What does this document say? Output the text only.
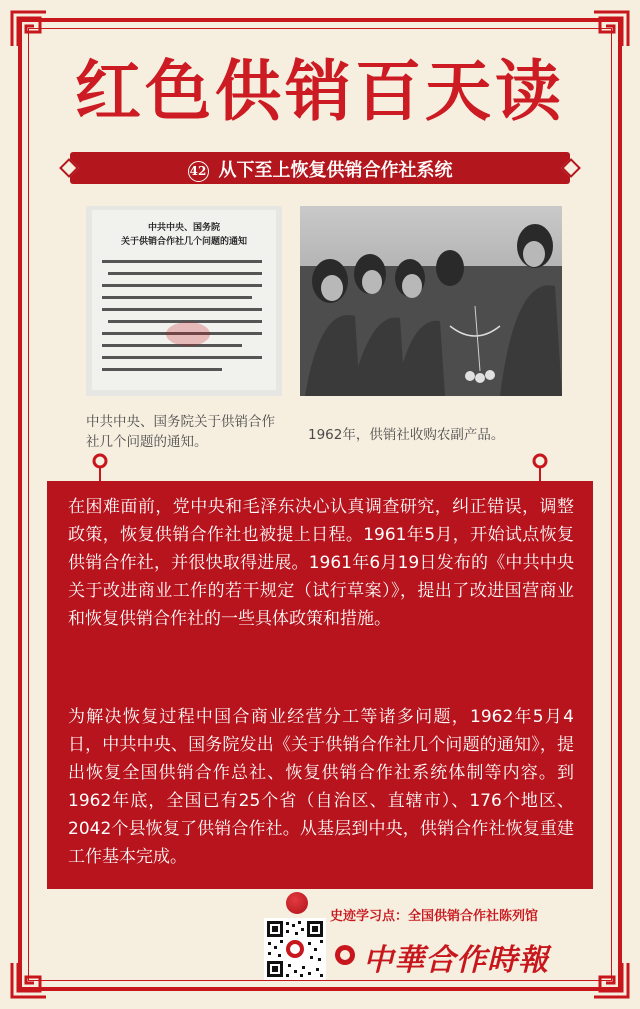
红色供销百天读
42 从下至上恢复供销合作社系统
中共中央、国务院
关于供销合作社几个问题的通知
中共中央、国务院关于供销合作社几个问题的通知。	1962年，供销社收购农副产品。

在困难面前，党中央和毛泽东决心认真调查研究，纠正错误，调整政策，恢复供销合作社也被提上日程。1961年5月，开始试点恢复供销合作社，并很快取得进展。1961年6月19日发布的《中共中央关于改进商业工作的若干规定（试行草案）》，提出了改进国营商业和恢复供销合作社的一些具体政策和措施。

为解决恢复过程中国合商业经营分工等诸多问题，1962年5月4日，中共中央、国务院发出《关于供销合作社几个问题的通知》，提出恢复全国供销合作总社、恢复供销合作社系统体制等内容。到1962年底，全国已有25个省（自治区、直辖市）、176个地区、2042个县恢复了供销合作社。从基层到中央，供销合作社恢复重建工作基本完成。

史迹学习点：全国供销合作社陈列馆
中華合作時報
